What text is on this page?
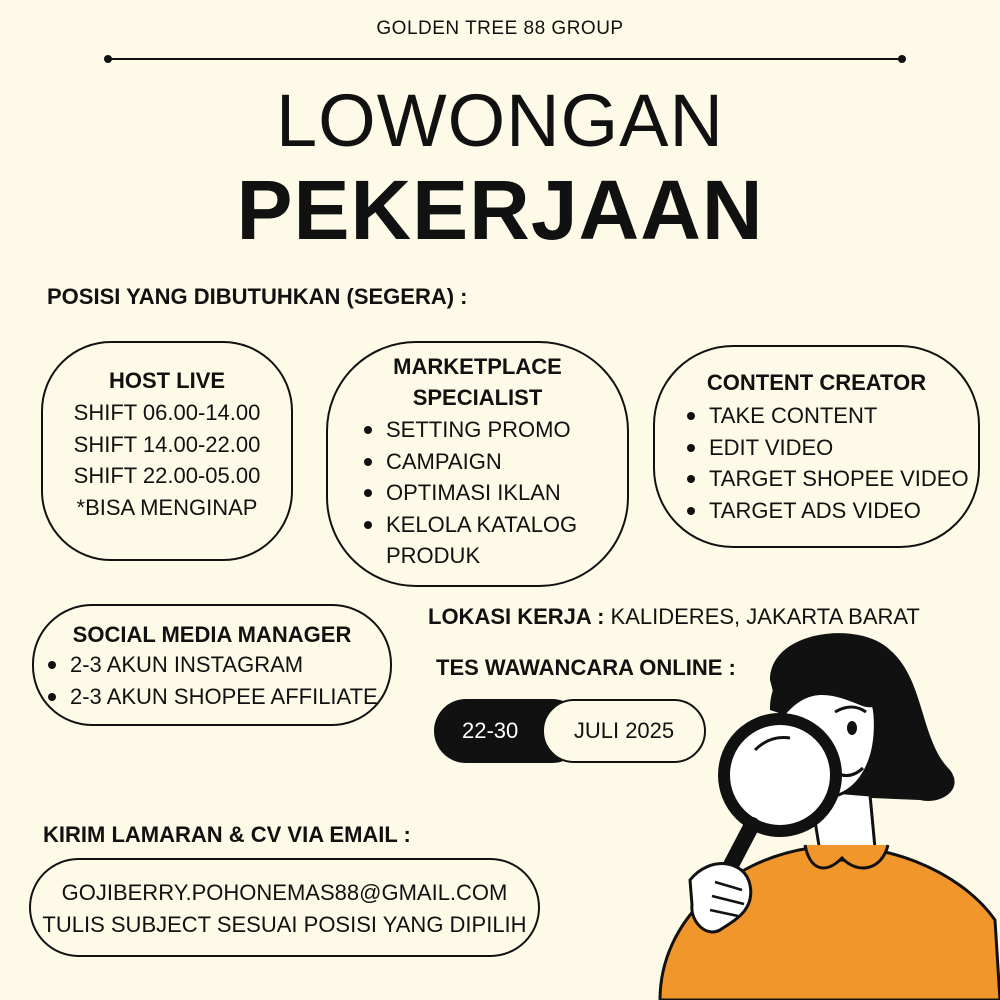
GOLDEN TREE 88 GROUP
LOWONGAN
PEKERJAAN
POSISI YANG DIBUTUHKAN (SEGERA) :
HOST LIVE
SHIFT 06.00-14.00
SHIFT 14.00-22.00
SHIFT 22.00-05.00
*BISA MENGINAP
MARKETPLACE
SPECIALIST
SETTING PROMO
CAMPAIGN
OPTIMASI IKLAN
KELOLA KATALOG
PRODUK
CONTENT CREATOR
TAKE CONTENT
EDIT VIDEO
TARGET SHOPEE VIDEO
TARGET ADS VIDEO
SOCIAL MEDIA MANAGER
2-3 AKUN INSTAGRAM
2-3 AKUN SHOPEE AFFILIATE
LOKASI KERJA : KALIDERES, JAKARTA BARAT
TES WAWANCARA ONLINE :
22-30	JULI 2025
KIRIM LAMARAN & CV VIA EMAIL :
GOJIBERRY.POHONEMAS88@GMAIL.COM
TULIS SUBJECT SESUAI POSISI YANG DIPILIH
